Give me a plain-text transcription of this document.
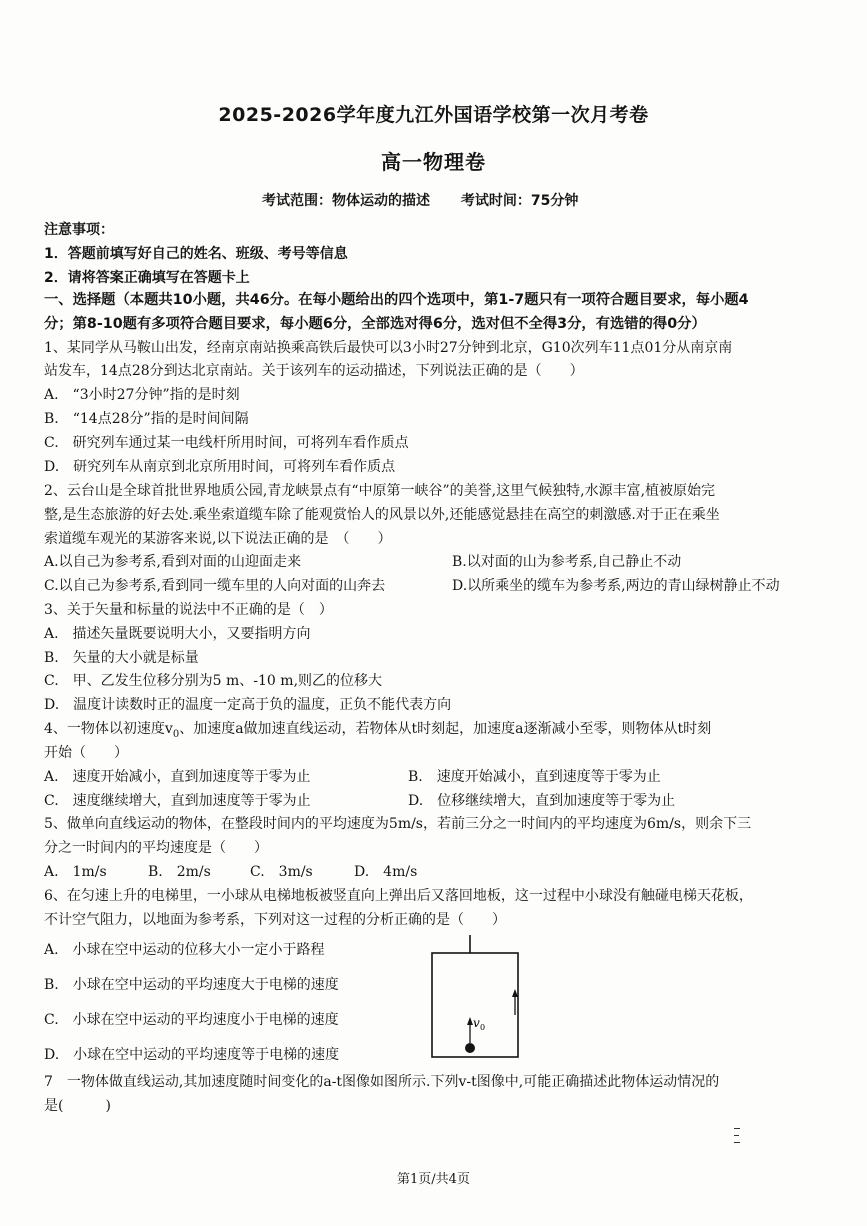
2025-2026学年度九江外国语学校第一次月考卷
高一物理卷
考试范围：物体运动的描述 考试时间：75分钟
注意事项：
1．答题前填写好自己的姓名、班级、考号等信息
2．请将答案正确填写在答题卡上
一、选择题（本题共10小题，共46分。在每小题给出的四个选项中，第1-7题只有一项符合题目要求，每小题4
分；第8-10题有多项符合题目要求，每小题6分，全部选对得6分，选对但不全得3分，有选错的得0分）
1、某同学从马鞍山出发，经南京南站换乘高铁后最快可以3小时27分钟到北京，G10次列车11点01分从南京南
站发车，14点28分到达北京南站。关于该列车的运动描述，下列说法正确的是（　　）
A.　“3小时27分钟”指的是时刻
B.　“14点28分”指的是时间间隔
C.　研究列车通过某一电线杆所用时间，可将列车看作质点
D.　研究列车从南京到北京所用时间，可将列车看作质点
2、云台山是全球首批世界地质公园,青龙峡景点有“中原第一峡谷”的美誉,这里气候独特,水源丰富,植被原始完
整,是生态旅游的好去处.乘坐索道缆车除了能观赏怡人的风景以外,还能感觉悬挂在高空的刺激感.对于正在乘坐
索道缆车观光的某游客来说,以下说法正确的是　（　　）
A.以自己为参考系,看到对面的山迎面走来	B.以对面的山为参考系,自己静止不动
C.以自己为参考系,看到同一缆车里的人向对面的山奔去	D.以所乘坐的缆车为参考系,两边的青山绿树静止不动
3、关于矢量和标量的说法中不正确的是（　）
A.　描述矢量既要说明大小，又要指明方向
B.　矢量的大小就是标量
C.　甲、乙发生位移分别为5 m、-10 m,则乙的位移大
D.　温度计读数时正的温度一定高于负的温度，正负不能代表方向
4、一物体以初速度$v_0$、加速度a做加速直线运动，若物体从t时刻起，加速度a逐渐减小至零，则物体从t时刻
开始（　　）
A.　速度开始减小，直到加速度等于零为止	B.　速度开始减小，直到速度等于零为止
C.　速度继续增大，直到加速度等于零为止	D.　位移继续增大，直到加速度等于零为止
5、做单向直线运动的物体，在整段时间内的平均速度为5m/s，若前三分之一时间内的平均速度为6m/s，则余下三
分之一时间内的平均速度是（　　）
A.　1m/s	B.　2m/s	C.　3m/s	D.　4m/s
6、在匀速上升的电梯里，一小球从电梯地板被竖直向上弹出后又落回地板，这一过程中小球没有触碰电梯天花板，
不计空气阻力，以地面为参考系，下列对这一过程的分析正确的是（　　）
A.　小球在空中运动的位移大小一定小于路程
B.　小球在空中运动的平均速度大于电梯的速度
C.　小球在空中运动的平均速度小于电梯的速度
D.　小球在空中运动的平均速度等于电梯的速度
v 0
7　一物体做直线运动,其加速度随时间变化的a-t图像如图所示.下列v-t图像中,可能正确描述此物体运动情况的
是(　　　)
第1页/共4页
